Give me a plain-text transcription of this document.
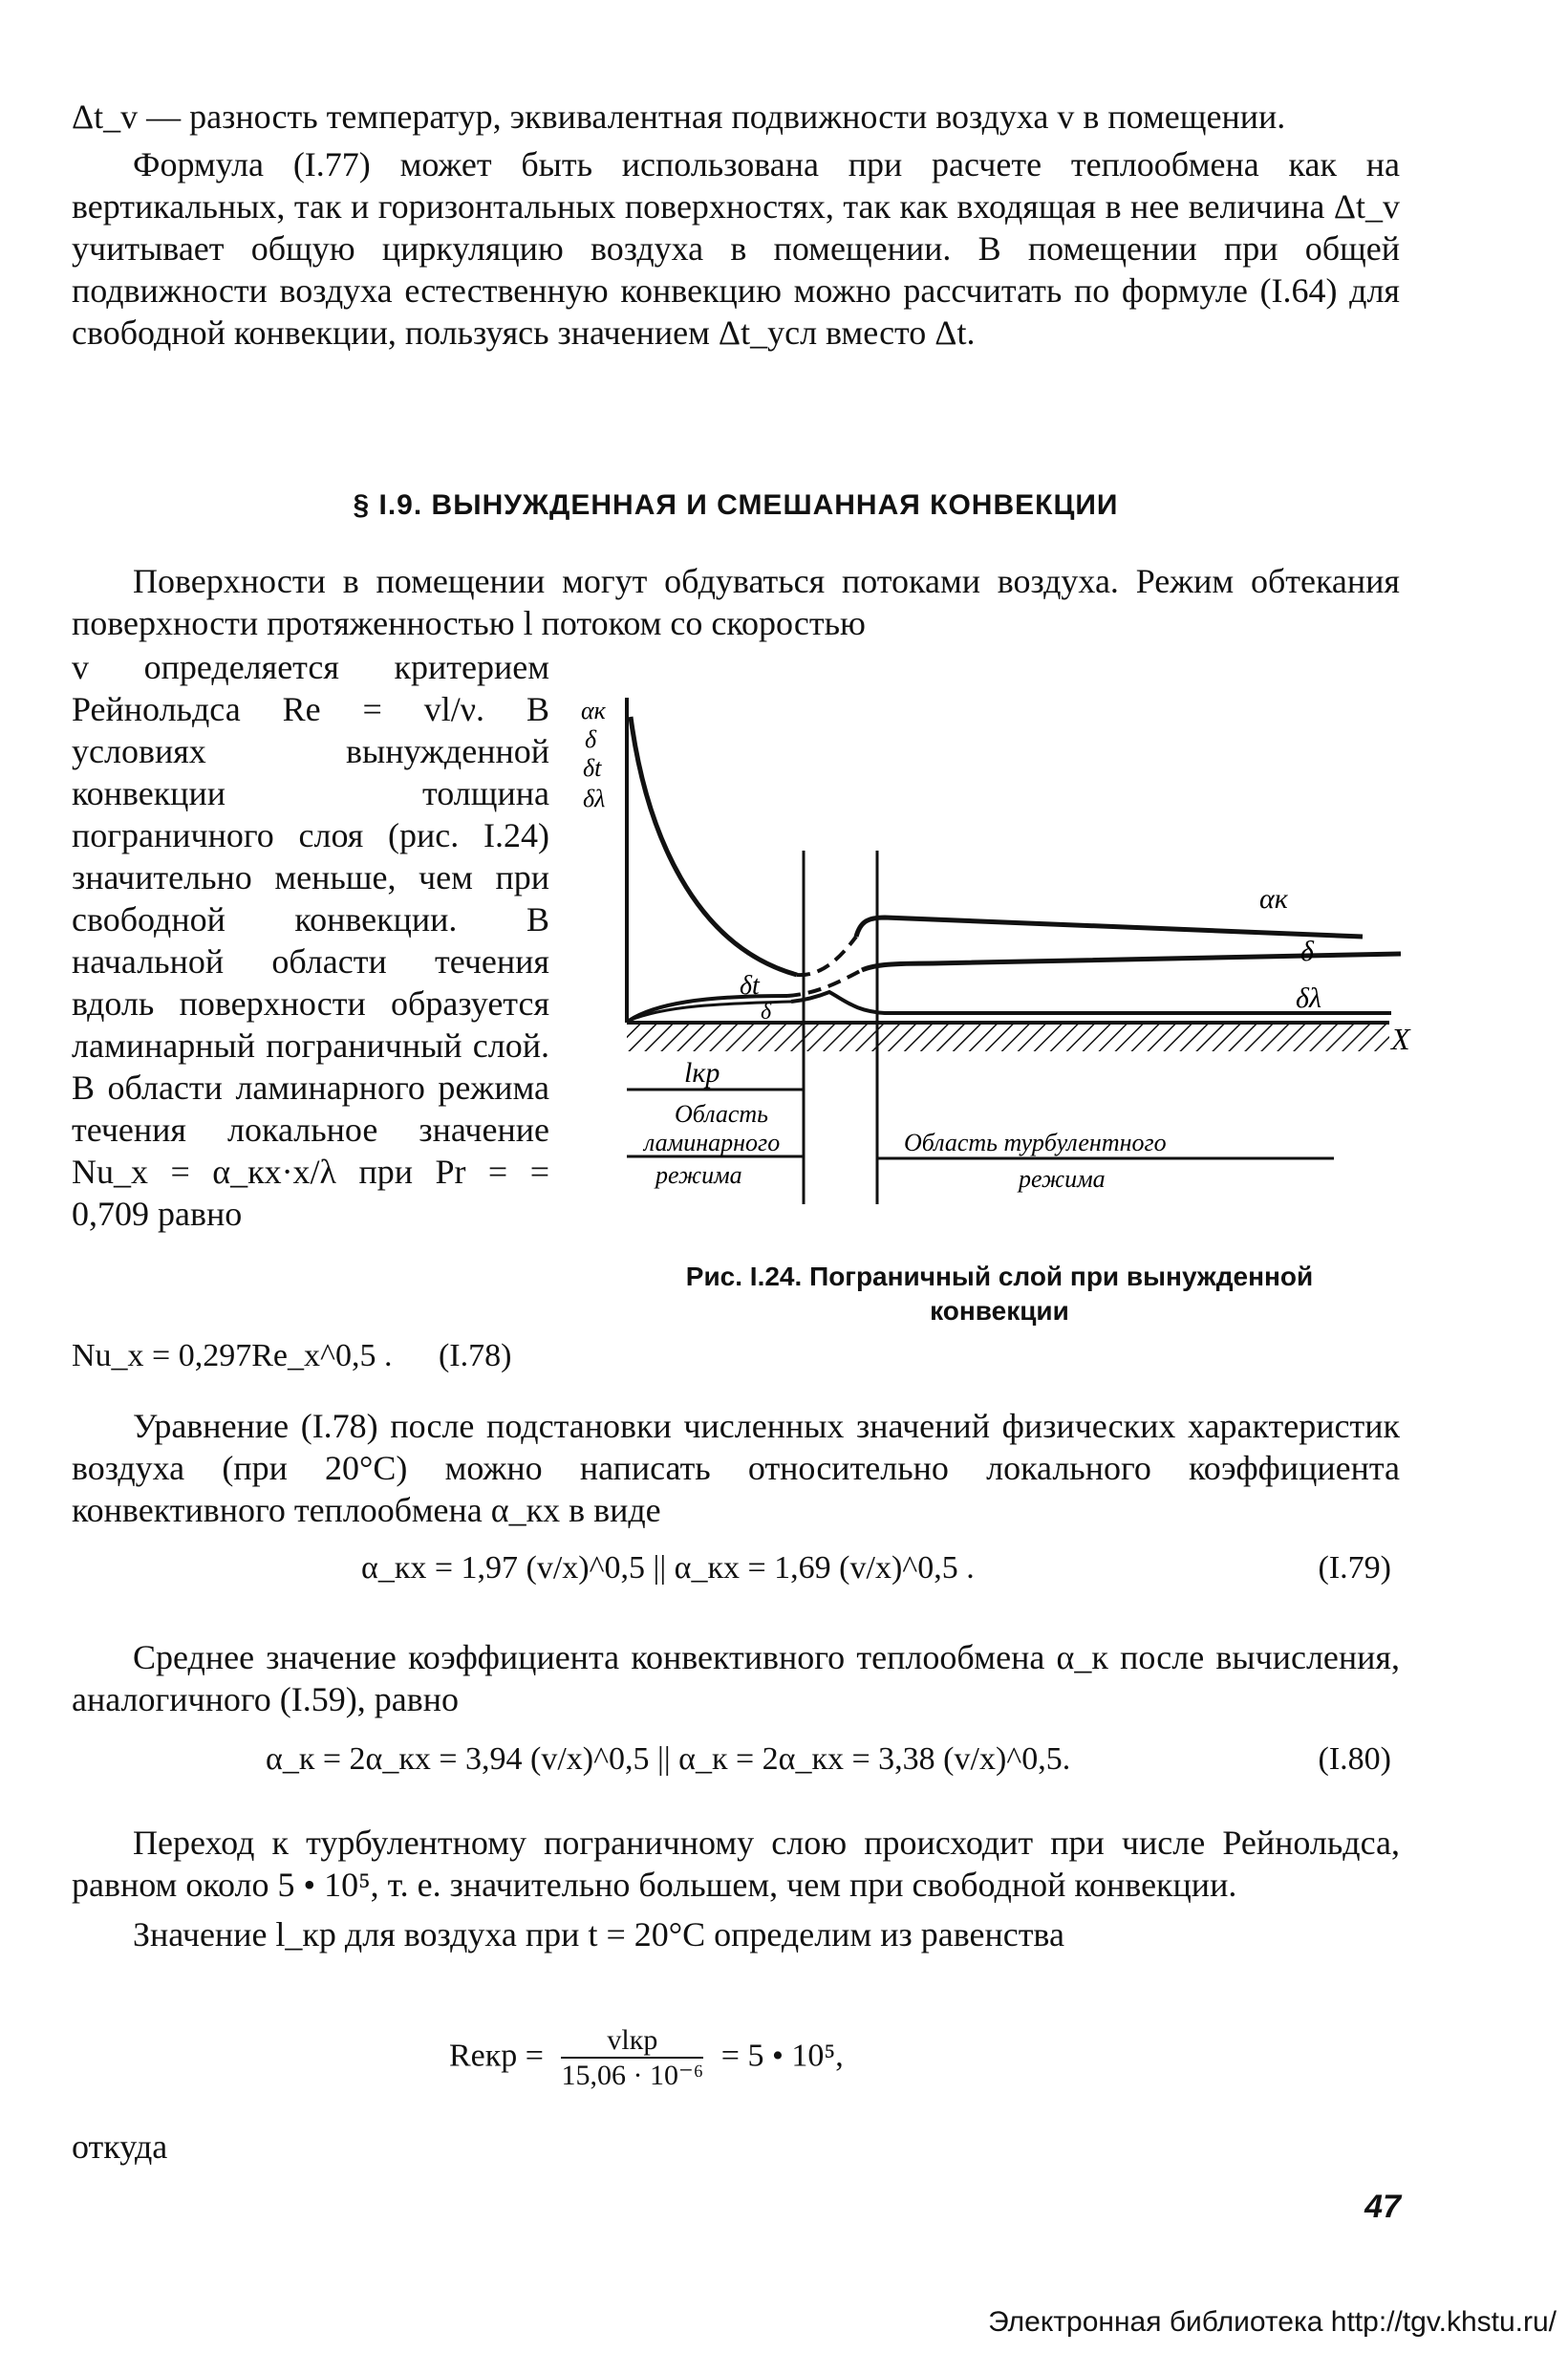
Δt_v — разность температур, эквивалентная подвижности воздуха v в помещении.

Формула (I.77) может быть использована при расчете теплообмена как на вертикальных, так и горизонтальных поверхностях, так как входящая в нее величина Δt_v учитывает общую циркуляцию воздуха в помещении. В помещении при общей подвижности воздуха естественную конвекцию можно рассчитать по формуле (I.64) для свободной конвекции, пользуясь значением Δt_усл вместо Δt.

§ I.9. ВЫНУЖДЕННАЯ И СМЕШАННАЯ КОНВЕКЦИИ

Поверхности в помещении могут обдуваться потоками воздуха. Режим обтекания поверхности протяженностью l потоком со скоростью

v определяется критерием Рейнольдса Re = vl/ν. В условиях вынужденной конвекции толщина пограничного слоя (рис. I.24) значительно меньше, чем при свободной конвекции. В начальной области течения вдоль поверхности образуется ламинарный пограничный слой. В области ламинарного режима течения локальное значение Nu_x = α_кx·x/λ при Pr = = 0,709 равно

Nu_x = 0,297Re_x^0,5 . (I.78)
αк
δ
δt
δλ
X
αк
δ
δt	δλ
δ
lкр
Область
ламинарного
режима
Область турбулентного
режима
Рис. I.24. Пограничный слой при вынужденной
конвекции

Уравнение (I.78) после подстановки численных значений физических характеристик воздуха (при 20°C) можно написать относительно локального коэффициента конвективного теплообмена α_кx в виде

α_кx = 1,97 (v/x)^0,5 || α_кx = 1,69 (v/x)^0,5 .	(I.79)

Среднее значение коэффициента конвективного теплообмена α_к после вычисления, аналогичного (I.59), равно

α_к = 2α_кx = 3,94 (v/x)^0,5 || α_к = 2α_кx = 3,38 (v/x)^0,5.	(I.80)

Переход к турбулентному пограничному слою происходит при числе Рейнольдса, равном около 5 • 10⁵, т. е. значительно большем, чем при свободной конвекции.

Значение l_кр для воздуха при t = 20°C определим из равенства

Reкр = $\frac{\text{vlкр}}{\text{15,06 · 10⁻⁶}} = 5$ • 10⁵,

откуда

47
Электронная библиотека http://tgv.khstu.ru/
